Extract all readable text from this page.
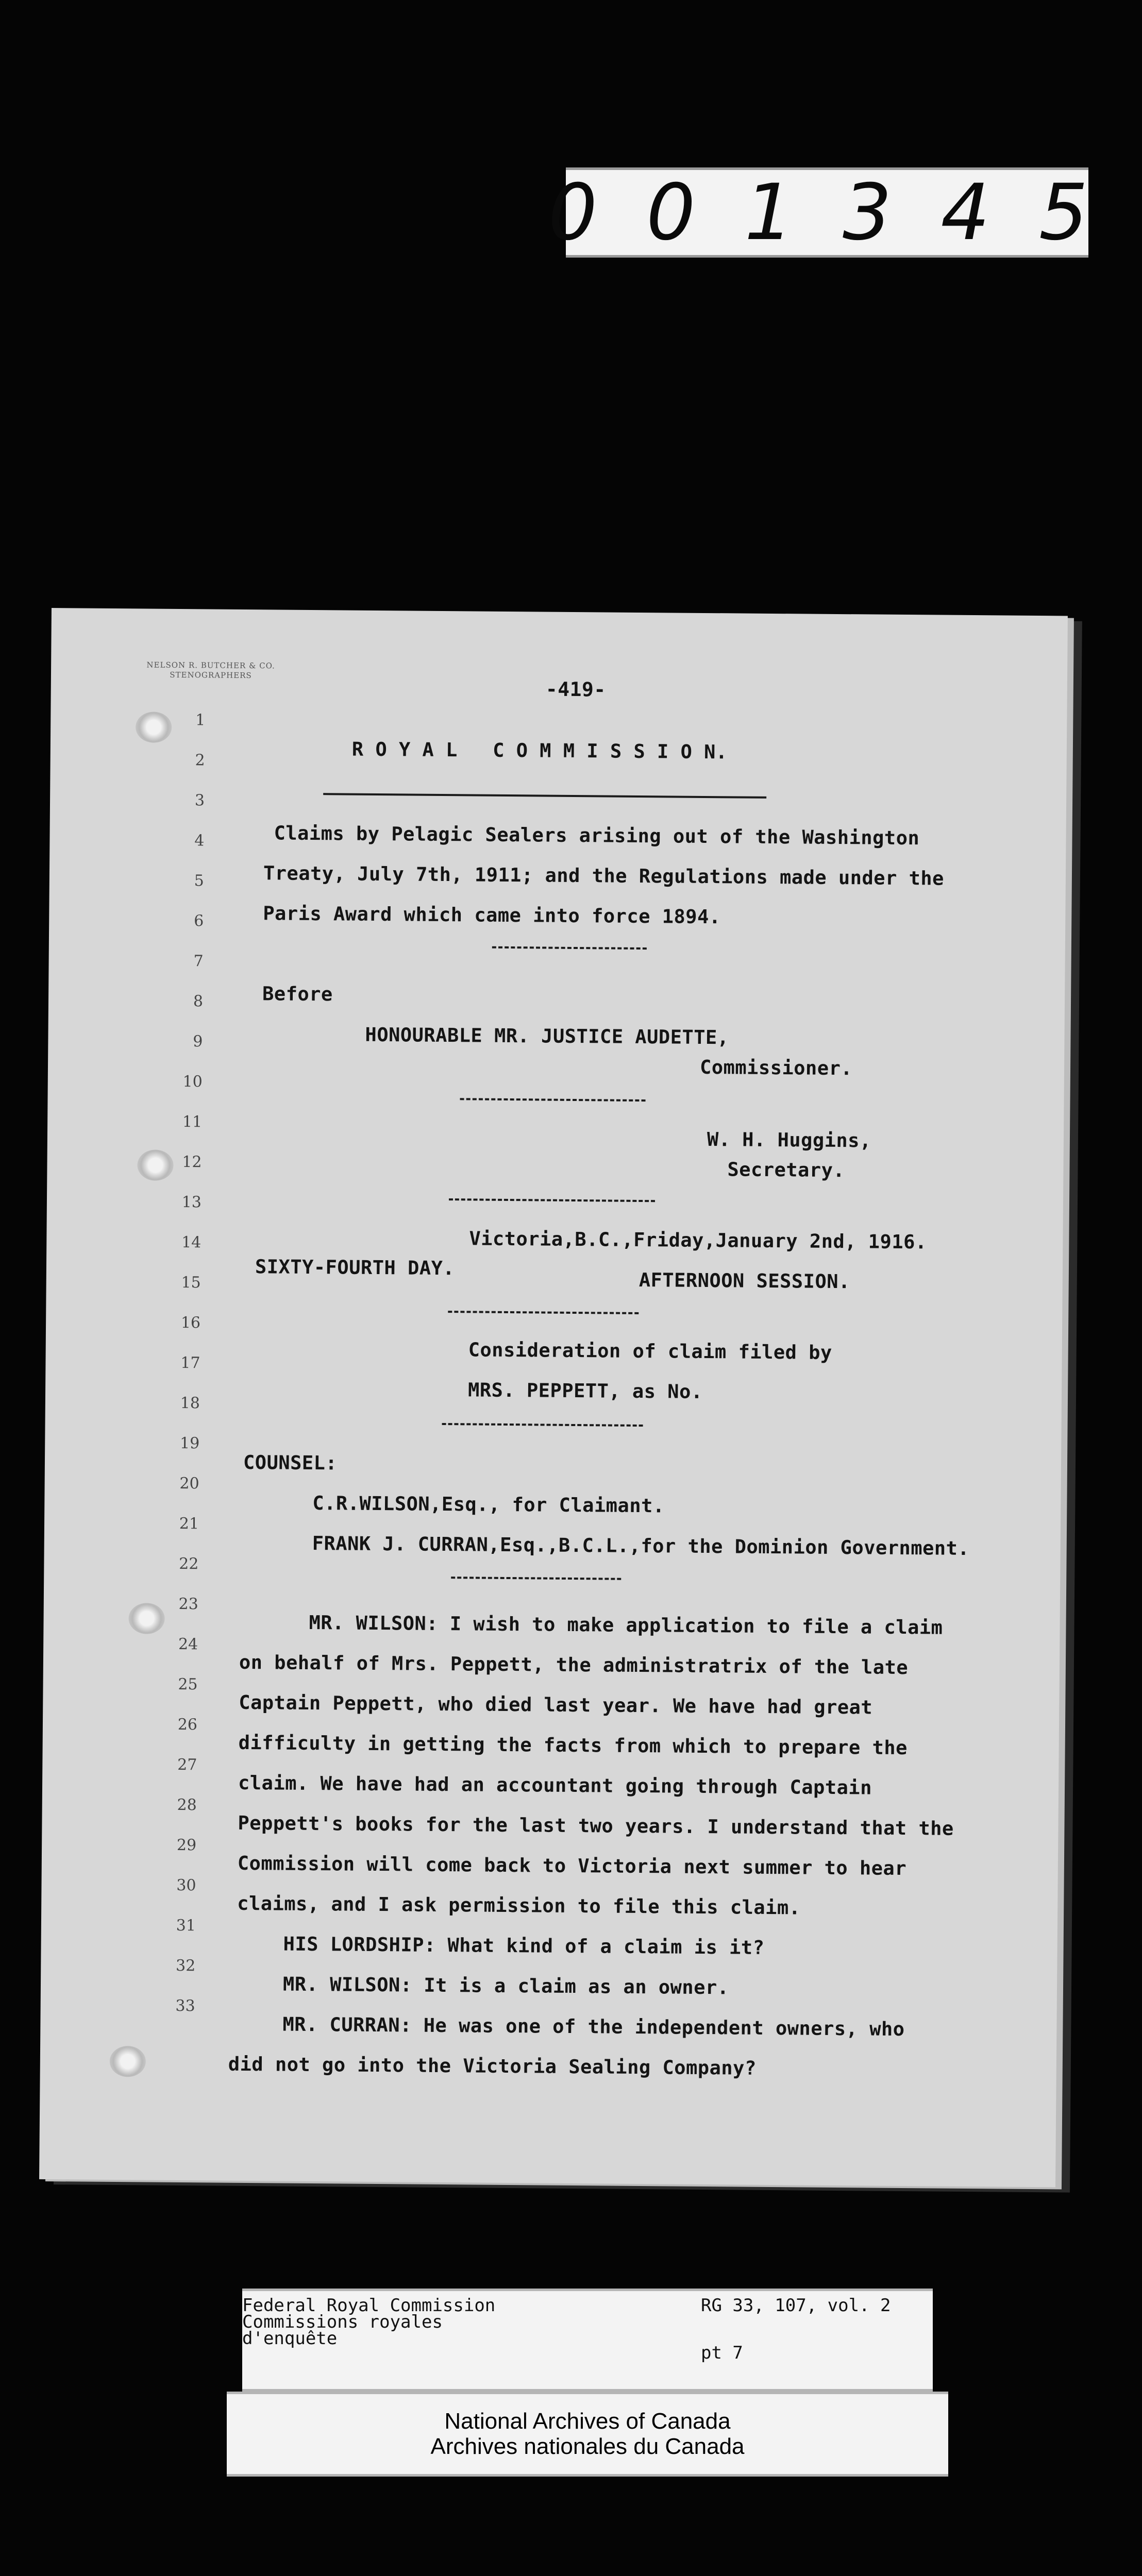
001345
NELSON R. BUTCHER & CO.
STENOGRAPHERS
-419-
1
2
3
4
5
6
7
8
9
10
11
12
13
14
15
16
17
18
19
20
21
22
23
24
25
26
27
28
29
30
31
32
33
R O Y A L   C O M M I S S I O N.
Claims by Pelagic Sealers arising out of the Washington
Treaty, July 7th, 1911; and the Regulations made under the
Paris Award which came into force 1894.
Before
HONOURABLE MR. JUSTICE AUDETTE,
Commissioner.
W. H. Huggins,
Secretary.
Victoria,B.C.,Friday,January 2nd, 1916.
SIXTY-FOURTH DAY.
AFTERNOON SESSION.
Consideration of claim filed by
MRS. PEPPETT, as No.
COUNSEL:
C.R.WILSON,Esq., for Claimant.
FRANK J. CURRAN,Esq.,B.C.L.,for the Dominion Government.
MR. WILSON: I wish to make application to file a claim
on behalf of Mrs. Peppett, the administratrix of the late
Captain Peppett, who died last year. We have had great
difficulty in getting the facts from which to prepare the
claim. We have had an accountant going through Captain
Peppett's books for the last two years. I understand that the
Commission will come back to Victoria next summer to hear
claims, and I ask permission to file this claim.
HIS LORDSHIP: What kind of a claim is it?
MR. WILSON: It is a claim as an owner.
MR. CURRAN: He was one of the independent owners, who
did not go into the Victoria Sealing Company?
Federal Royal Commission
Commissions royales
d'enquête
RG 33, 107, vol. 2
pt 7
National Archives of Canada
Archives nationales du Canada
